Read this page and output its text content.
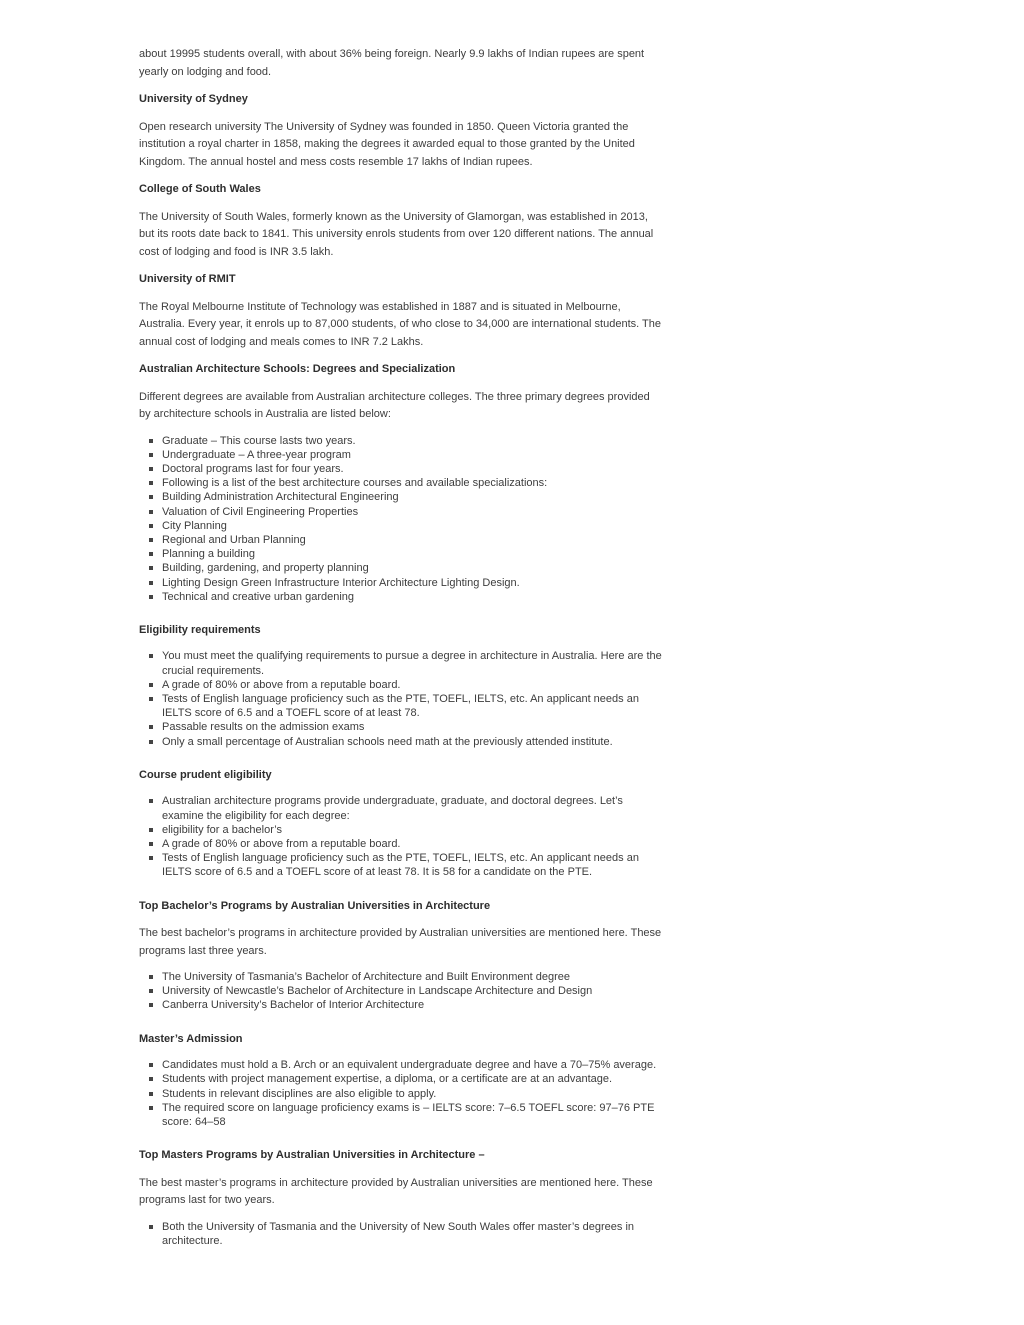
about 19995 students overall, with about 36% being foreign. Nearly 9.9 lakhs of Indian rupees are spent yearly on lodging and food.

University of Sydney

Open research university The University of Sydney was founded in 1850. Queen Victoria granted the institution a royal charter in 1858, making the degrees it awarded equal to those granted by the United Kingdom. The annual hostel and mess costs resemble 17 lakhs of Indian rupees.

College of South Wales

The University of South Wales, formerly known as the University of Glamorgan, was established in 2013, but its roots date back to 1841. This university enrols students from over 120 different nations. The annual cost of lodging and food is INR 3.5 lakh.

University of RMIT

The Royal Melbourne Institute of Technology was established in 1887 and is situated in Melbourne, Australia. Every year, it enrols up to 87,000 students, of who close to 34,000 are international students. The annual cost of lodging and meals comes to INR 7.2 Lakhs.

Australian Architecture Schools: Degrees and Specialization

Different degrees are available from Australian architecture colleges. The three primary degrees provided by architecture schools in Australia are listed below:

Graduate – This course lasts two years.
Undergraduate – A three-year program
Doctoral programs last for four years.
Following is a list of the best architecture courses and available specializations:
Building Administration Architectural Engineering
Valuation of Civil Engineering Properties
City Planning
Regional and Urban Planning
Planning a building
Building, gardening, and property planning
Lighting Design Green Infrastructure Interior Architecture Lighting Design.
Technical and creative urban gardening
Eligibility requirements
You must meet the qualifying requirements to pursue a degree in architecture in Australia. Here are the crucial requirements.
A grade of 80% or above from a reputable board.
Tests of English language proficiency such as the PTE, TOEFL, IELTS, etc. An applicant needs an IELTS score of 6.5 and a TOEFL score of at least 78.
Passable results on the admission exams
Only a small percentage of Australian schools need math at the previously attended institute.
Course prudent eligibility
Australian architecture programs provide undergraduate, graduate, and doctoral degrees. Let’s examine the eligibility for each degree:
eligibility for a bachelor’s
A grade of 80% or above from a reputable board.
Tests of English language proficiency such as the PTE, TOEFL, IELTS, etc. An applicant needs an IELTS score of 6.5 and a TOEFL score of at least 78. It is 58 for a candidate on the PTE.
Top Bachelor’s Programs by Australian Universities in Architecture

The best bachelor’s programs in architecture provided by Australian universities are mentioned here. These programs last three years.

The University of Tasmania’s Bachelor of Architecture and Built Environment degree
University of Newcastle’s Bachelor of Architecture in Landscape Architecture and Design
Canberra University’s Bachelor of Interior Architecture
Master’s Admission
Candidates must hold a B. Arch or an equivalent undergraduate degree and have a 70–75% average.
Students with project management expertise, a diploma, or a certificate are at an advantage.
Students in relevant disciplines are also eligible to apply.
The required score on language proficiency exams is – IELTS score: 7–6.5 TOEFL score: 97–76 PTE score: 64–58
Top Masters Programs by Australian Universities in Architecture –

The best master’s programs in architecture provided by Australian universities are mentioned here. These programs last for two years.

Both the University of Tasmania and the University of New South Wales offer master’s degrees in architecture.
